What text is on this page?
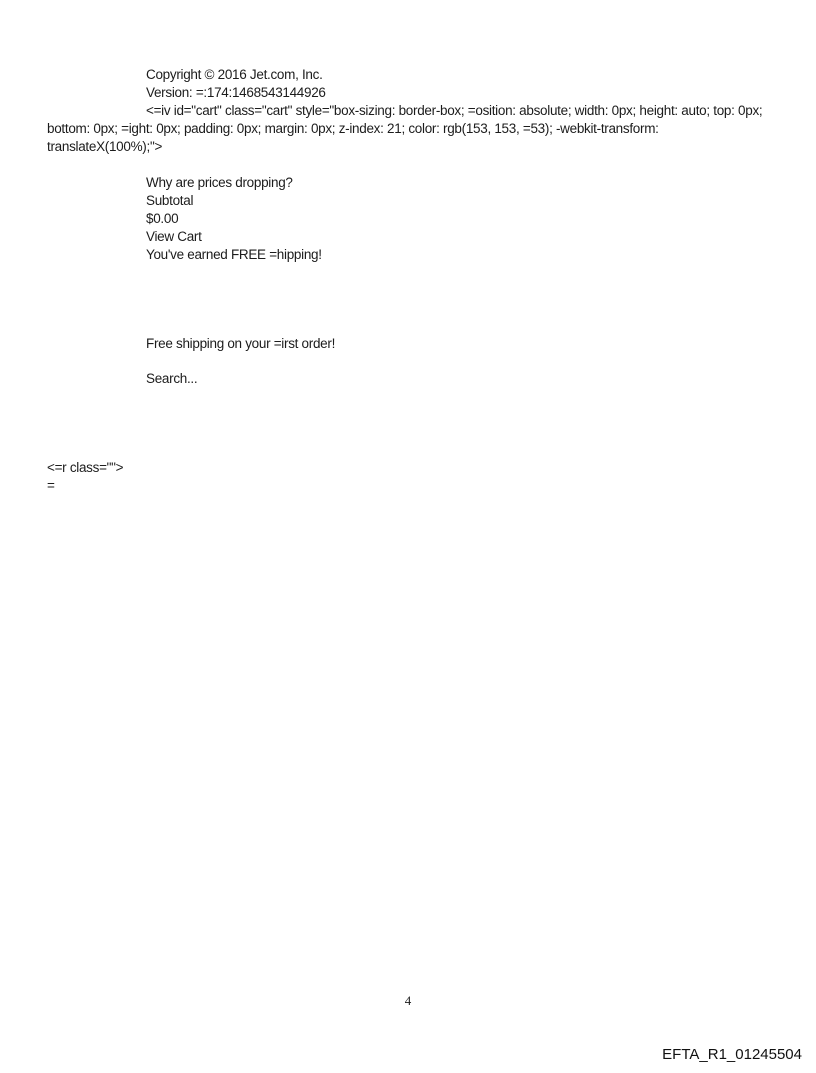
Copyright © 2016 Jet.com, Inc.

Version: =:174:1468543144926

<=iv id="cart" class="cart" style="box-sizing: border-box; =osition: absolute; width: 0px; height: auto; top: 0px; bottom: 0px; =ight: 0px; padding: 0px; margin: 0px; z-index: 21; color: rgb(153, 153, =53); -webkit-transform: translateX(100%);">

Why are prices dropping?

Subtotal

$0.00

View Cart

You've earned FREE =hipping!

Free shipping on your =irst order!

Search...

<=r class="">

=

4
EFTA_R1_01245504
